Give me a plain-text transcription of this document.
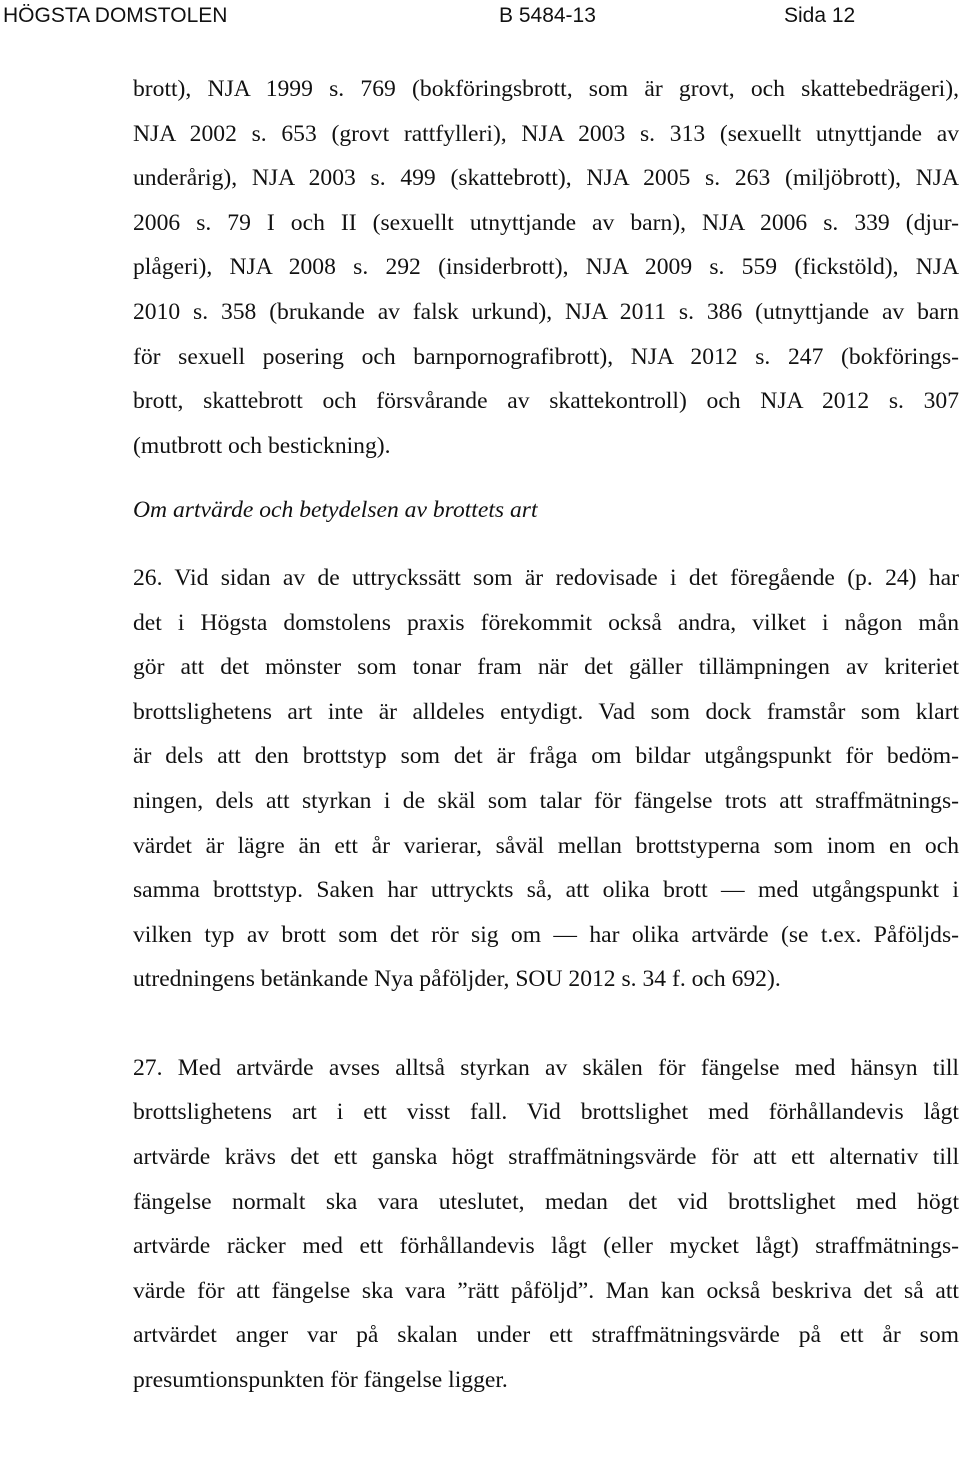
HÖGSTA DOMSTOLEN	B 5484-13	Sida 12
brott), NJA 1999 s. 769 (bokföringsbrott, som är grovt, och skattebedrägeri),
NJA 2002 s. 653 (grovt rattfylleri), NJA 2003 s. 313 (sexuellt utnyttjande av
underårig), NJA 2003 s. 499 (skattebrott), NJA 2005 s. 263 (miljöbrott), NJA
2006 s. 79 I och II (sexuellt utnyttjande av barn), NJA 2006 s. 339 (djur-
plågeri), NJA 2008 s. 292 (insiderbrott), NJA 2009 s. 559 (fickstöld), NJA
2010 s. 358 (brukande av falsk urkund), NJA 2011 s. 386 (utnyttjande av barn
för sexuell posering och barnpornografibrott), NJA 2012 s. 247 (bokförings-
brott, skattebrott och försvårande av skattekontroll) och NJA 2012 s. 307
(mutbrott och bestickning).
Om artvärde och betydelsen av brottets art
26. Vid sidan av de uttryckssätt som är redovisade i det föregående (p. 24) har
det i Högsta domstolens praxis förekommit också andra, vilket i någon mån
gör att det mönster som tonar fram när det gäller tillämpningen av kriteriet
brottslighetens art inte är alldeles entydigt. Vad som dock framstår som klart
är dels att den brottstyp som det är fråga om bildar utgångspunkt för bedöm-
ningen, dels att styrkan i de skäl som talar för fängelse trots att straffmätnings-
värdet är lägre än ett år varierar, såväl mellan brottstyperna som inom en och
samma brottstyp. Saken har uttryckts så, att olika brott — med utgångspunkt i
vilken typ av brott som det rör sig om — har olika artvärde (se t.ex. Påföljds-
utredningens betänkande Nya påföljder, SOU 2012 s. 34 f. och 692).
27. Med artvärde avses alltså styrkan av skälen för fängelse med hänsyn till
brottslighetens art i ett visst fall. Vid brottslighet med förhållandevis lågt
artvärde krävs det ett ganska högt straffmätningsvärde för att ett alternativ till
fängelse normalt ska vara uteslutet, medan det vid brottslighet med högt
artvärde räcker med ett förhållandevis lågt (eller mycket lågt) straffmätnings-
värde för att fängelse ska vara ”rätt påföljd”. Man kan också beskriva det så att
artvärdet anger var på skalan under ett straffmätningsvärde på ett år som
presumtionspunkten för fängelse ligger.
